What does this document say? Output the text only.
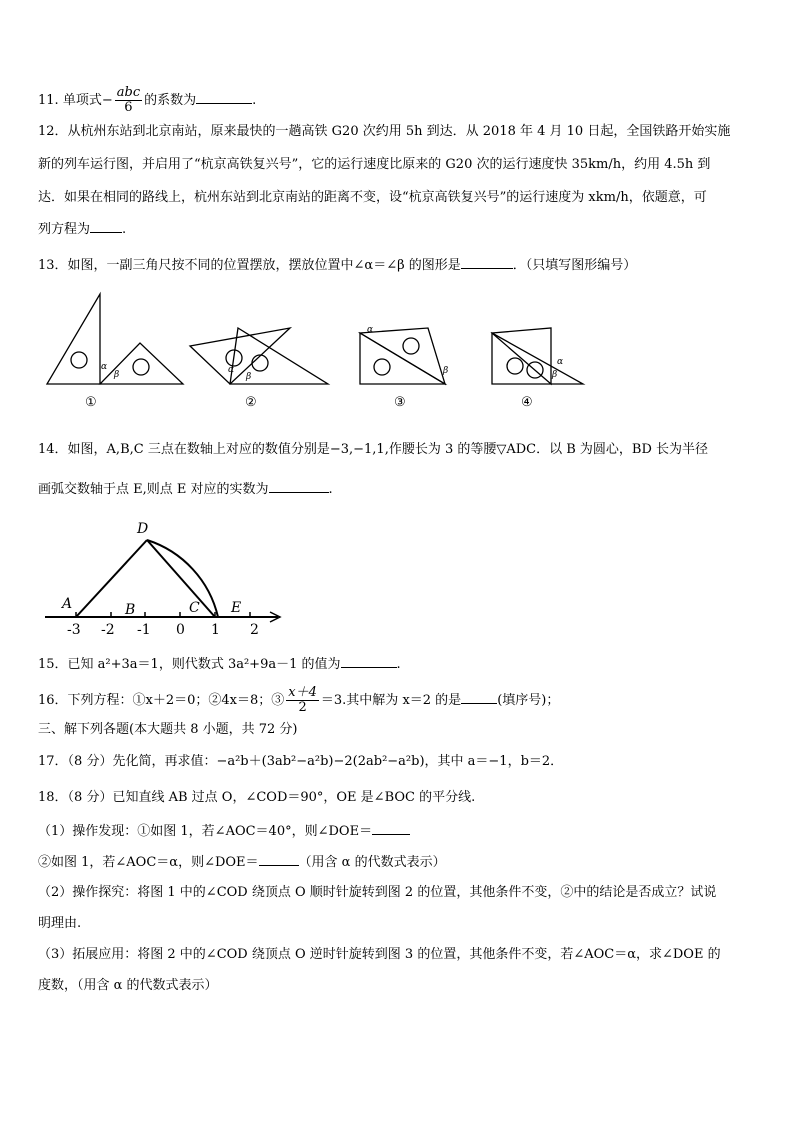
11. 单项式− $\frac{\text{abc}}{6}$ 的系数为	.
12．从杭州东站到北京南站，原来最快的一趟高铁 G20 次约用 5h 到达．从 2018 年 4 月 10 日起，全国铁路开始实施
新的列车运行图，并启用了“杭京高铁复兴号”，它的运行速度比原来的 G20 次的运行速度快 35km/h，约用 4.5h 到
达．如果在相同的路线上，杭州东站到北京南站的距离不变，设“杭京高铁复兴号”的运行速度为 xkm/h，依题意，可
列方程为 .
13．如图，一副三角尺按不同的位置摆放，摆放位置中∠α＝∠β 的图形是	．（只填写图形编号）
α
β	α
β
α
β
α
β
①	②	③	④
14．如图，A,B,C 三点在数轴上对应的数值分别是−3,−1,1,作腰长为 3 的等腰▽ADC．以 B 为圆心，BD 长为半径
画弧交数轴于点 E,则点 E 对应的实数为	.
D
A	B	C E
-3 -2 -1 0 1 2
15．已知 a²+3a＝1，则代数式 3a²+9a－1 的值为	.
16．下列方程：①x＋2＝0；②4x＝8；③ $\frac{x+4}{2} =3$.其中解为 x＝2 的是	(填序号)；
三、解下列各题(本大题共 8 小题，共 72 分)
17．（8 分）先化简，再求值：−a²b＋(3ab²−a²b)−2(2ab²−a²b)，其中 a＝−1，b＝2．
18．（8 分）已知直线 AB 过点 O，∠COD＝90°，OE 是∠BOC 的平分线.
（1）操作发现：①如图 1，若∠AOC＝40°，则∠DOE＝
②如图 1，若∠AOC＝α，则∠DOE＝	（用含 α 的代数式表示）
（2）操作探究：将图 1 中的∠COD 绕顶点 O 顺时针旋转到图 2 的位置，其他条件不变，②中的结论是否成立？试说
明理由.
（3）拓展应用：将图 2 中的∠COD 绕顶点 O 逆时针旋转到图 3 的位置，其他条件不变，若∠AOC＝α，求∠DOE 的
度数，（用含 α 的代数式表示）
